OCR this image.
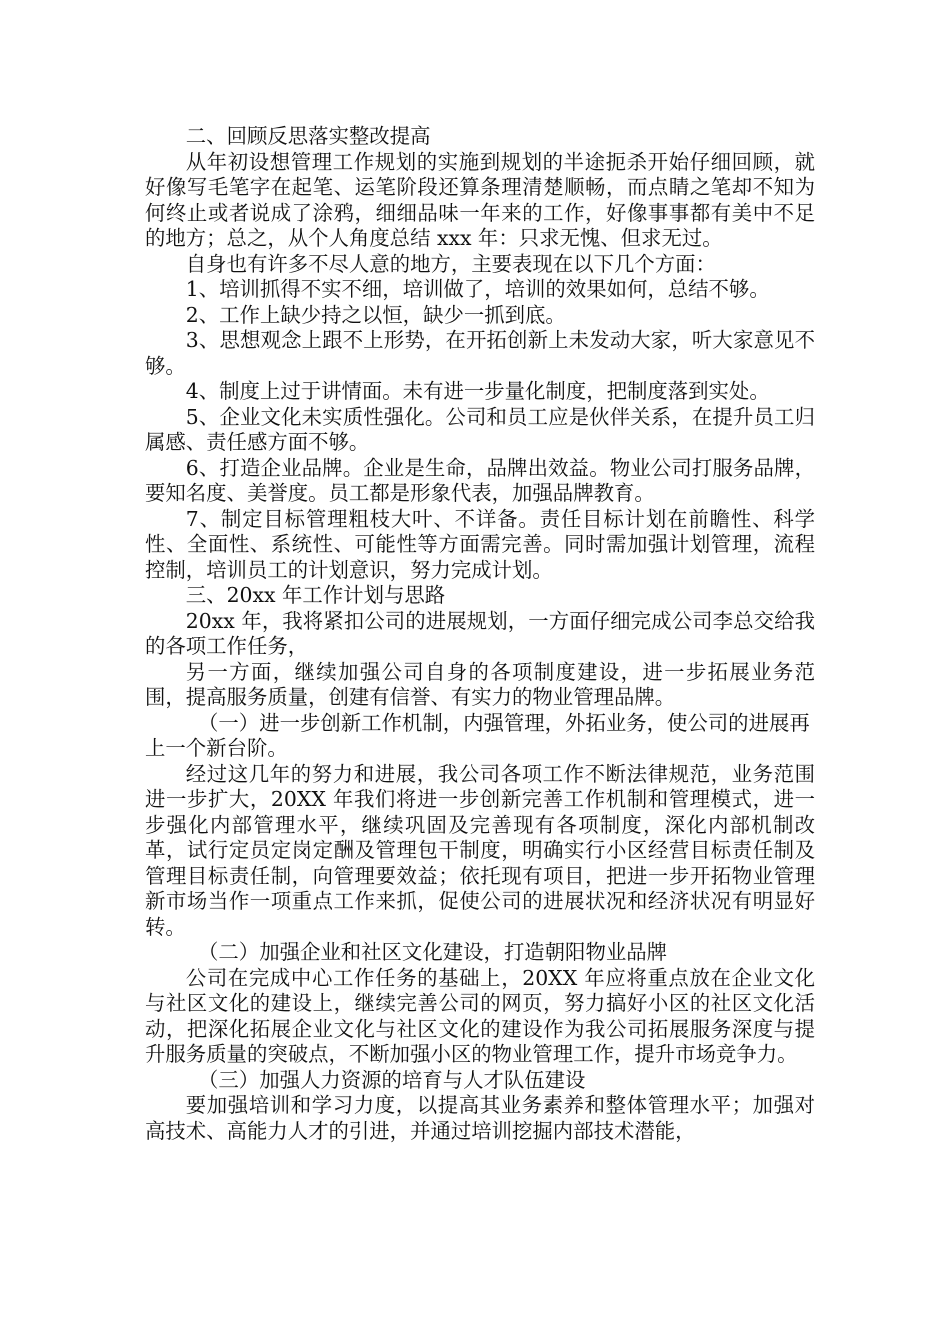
二、回顾反思落实整改提高

从年初设想管理工作规划的实施到规划的半途扼杀开始仔细回顾，就好像写毛笔字在起笔、运笔阶段还算条理清楚顺畅，而点睛之笔却不知为何终止或者说成了涂鸦，细细品味一年来的工作，好像事事都有美中不足的地方；总之，从个人角度总结 xxx 年：只求无愧、但求无过。

自身也有许多不尽人意的地方，主要表现在以下几个方面：

1、培训抓得不实不细，培训做了，培训的效果如何，总结不够。

2、工作上缺少持之以恒，缺少一抓到底。

3、思想观念上跟不上形势，在开拓创新上未发动大家，听大家意见不够。

4、制度上过于讲情面。未有进一步量化制度，把制度落到实处。

5、企业文化未实质性强化。公司和员工应是伙伴关系，在提升员工归属感、责任感方面不够。

6、打造企业品牌。企业是生命，品牌出效益。物业公司打服务品牌，要知名度、美誉度。员工都是形象代表，加强品牌教育。

7、制定目标管理粗枝大叶、不详备。责任目标计划在前瞻性、科学性、全面性、系统性、可能性等方面需完善。同时需加强计划管理，流程控制，培训员工的计划意识，努力完成计划。

三、20xx 年工作计划与思路

20xx 年，我将紧扣公司的进展规划，一方面仔细完成公司李总交给我的各项工作任务，

另一方面，继续加强公司自身的各项制度建设，进一步拓展业务范围，提高服务质量，创建有信誉、有实力的物业管理品牌。

（一）进一步创新工作机制，内强管理，外拓业务，使公司的进展再上一个新台阶。

经过这几年的努力和进展，我公司各项工作不断法律规范，业务范围进一步扩大，20XX 年我们将进一步创新完善工作机制和管理模式，进一步强化内部管理水平，继续巩固及完善现有各项制度，深化内部机制改革，试行定员定岗定酬及管理包干制度，明确实行小区经营目标责任制及管理目标责任制，向管理要效益；依托现有项目，把进一步开拓物业管理新市场当作一项重点工作来抓，促使公司的进展状况和经济状况有明显好转。

（二）加强企业和社区文化建设，打造朝阳物业品牌

公司在完成中心工作任务的基础上，20XX 年应将重点放在企业文化与社区文化的建设上，继续完善公司的网页，努力搞好小区的社区文化活动，把深化拓展企业文化与社区文化的建设作为我公司拓展服务深度与提升服务质量的突破点，不断加强小区的物业管理工作，提升市场竞争力。

（三）加强人力资源的培育与人才队伍建设

要加强培训和学习力度，以提高其业务素养和整体管理水平；加强对高技术、高能力人才的引进，并通过培训挖掘内部技术潜能，
